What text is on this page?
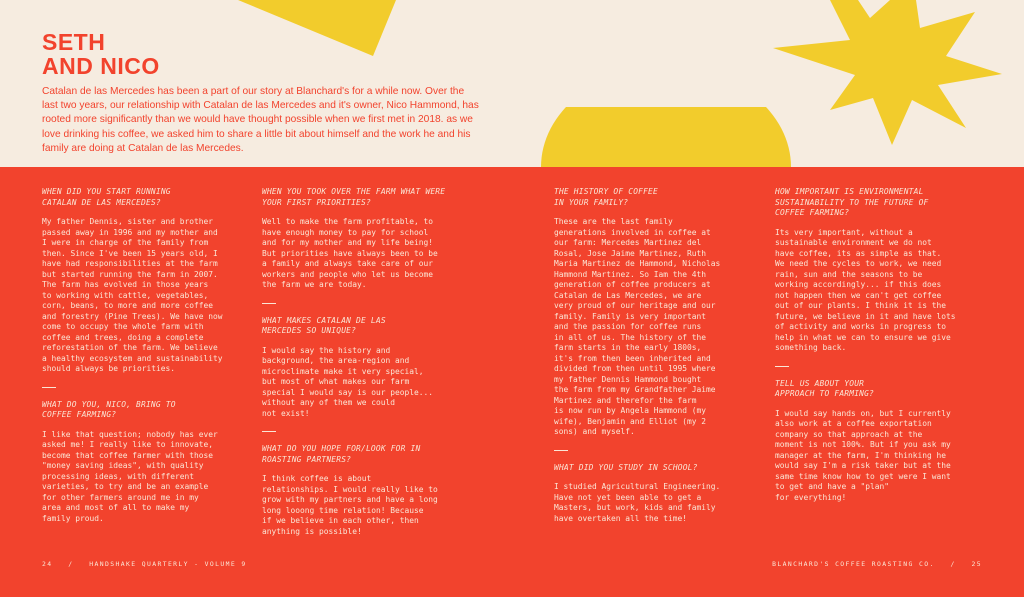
SETH
AND NICO

Catalan de las Mercedes has been a part of our story at Blanchard's for a while now. Over the last two years, our relationship with Catalan de las Mercedes and it's owner, Nico Hammond, has rooted more significantly than we would have thought possible when we first met in 2018. as we love drinking his coffee, we asked him to share a little bit about himself and the work he and his family are doing at Catalan de las Mercedes.

WHEN DID YOU START RUNNING
CATALAN DE LAS MERCEDES?

My father Dennis, sister and brother
passed away in 1996 and my mother and
I were in charge of the family from
then. Since I've been 15 years old, I
have had responsibilities at the farm
but started running the farm in 2007.
The farm has evolved in those years
to working with cattle, vegetables,
corn, beans, to more and more coffee
and forestry (Pine Trees). We have now
come to occupy the whole farm with
coffee and trees, doing a complete
reforestation of the farm. We believe
a healthy ecosystem and sustainability
should always be priorities.

WHAT DO YOU, NICO, BRING TO
COFFEE FARMING?

I like that question; nobody has ever
asked me! I really like to innovate,
become that coffee farmer with those
"money saving ideas", with quality
processing ideas, with different
varieties, to try and be an example
for other farmers around me in my
area and most of all to make my
family proud.

WHEN YOU TOOK OVER THE FARM WHAT WERE
YOUR FIRST PRIORITIES?

Well to make the farm profitable, to
have enough money to pay for school
and for my mother and my life being!
But priorities have always been to be
a family and always take care of our
workers and people who let us become
the farm we are today.

WHAT MAKES CATALAN DE LAS
MERCEDES SO UNIQUE?

I would say the history and
background, the area-region and
microclimate make it very special,
but most of what makes our farm
special I would say is our people...
without any of them we could
not exist!

WHAT DO YOU HOPE FOR/LOOK FOR IN
ROASTING PARTNERS?

I think coffee is about
relationships. I would really like to
grow with my partners and have a long
long looong time relation! Because
if we believe in each other, then
anything is possible!

THE HISTORY OF COFFEE
IN YOUR FAMILY?

These are the last family
generations involved in coffee at
our farm: Mercedes Martinez del
Rosal, Jose Jaime Martinez, Ruth
Maria Martinez de Hammond, Nicholas
Hammond Martinez. So Iam the 4th
generation of coffee producers at
Catalan de Las Mercedes, we are
very proud of our heritage and our
family. Family is very important
and the passion for coffee runs
in all of us. The history of the
farm starts in the early 1800s,
it's from then been inherited and
divided from then until 1995 where
my father Dennis Hammond bought
the farm from my Grandfather Jaime
Martinez and therefor the farm
is now run by Angela Hammond (my
wife), Benjamin and Elliot (my 2
sons) and myself.

WHAT DID YOU STUDY IN SCHOOL?

I studied Agricultural Engineering.
Have not yet been able to get a
Masters, but work, kids and family
have overtaken all the time!

HOW IMPORTANT IS ENVIRONMENTAL
SUSTAINABILITY TO THE FUTURE OF
COFFEE FARMING?

Its very important, without a
sustainable environment we do not
have coffee, its as simple as that.
We need the cycles to work, we need
rain, sun and the seasons to be
working accordingly... if this does
not happen then we can't get coffee
out of our plants. I think it is the
future, we believe in it and have lots
of activity and works in progress to
help in what we can to ensure we give
something back.

TELL US ABOUT YOUR
APPROACH TO FARMING?

I would say hands on, but I currently
also work at a coffee exportation
company so that approach at the
moment is not 100%. But if you ask my
manager at the farm, I'm thinking he
would say I'm a risk taker but at the
same time know how to get were I want
to get and have a "plan"
for everything!

24   /   HANDSHAKE QUARTERLY - VOLUME 9	BLANCHARD'S COFFEE ROASTING CO.   /   25
